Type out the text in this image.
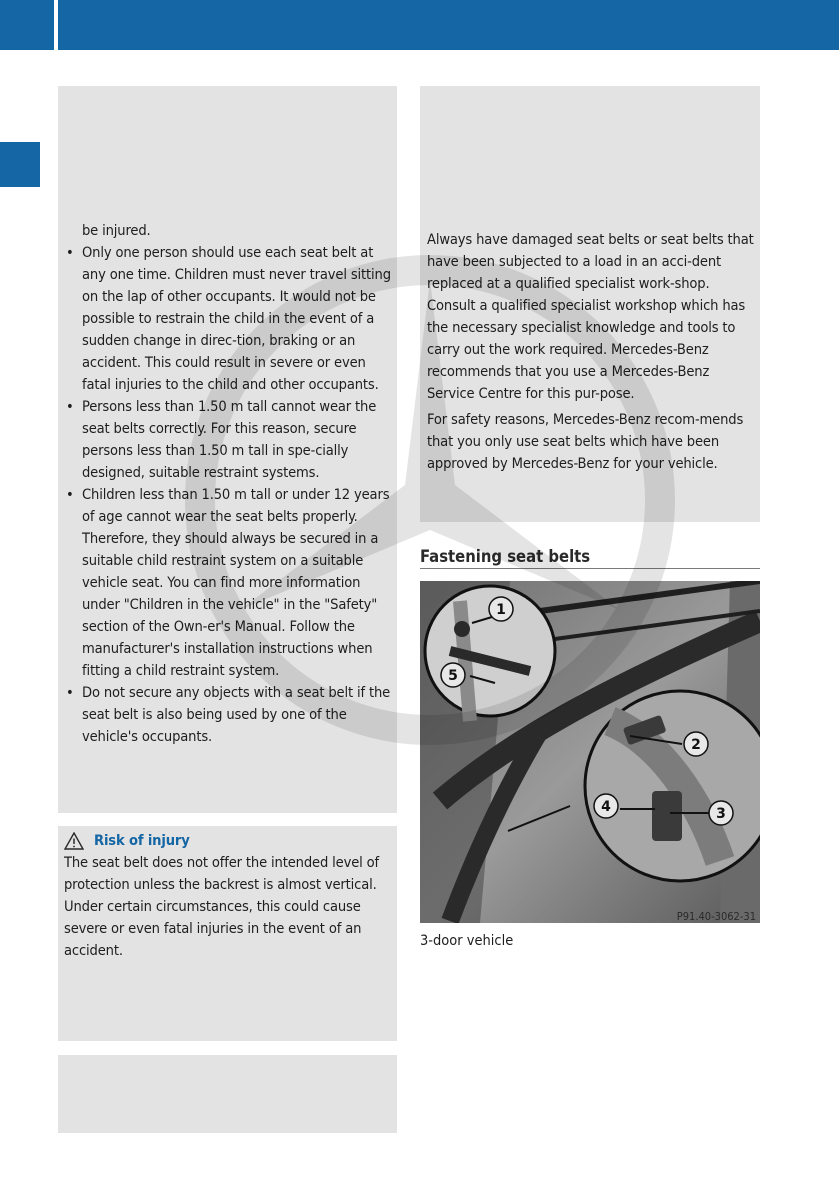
be injured.

• Only one person should use each seat belt at any one time. Children must never travel sitting on the lap of other occupants. It would not be possible to restrain the child in the event of a sudden change in direc-tion, braking or an accident. This could result in severe or even fatal injuries to the child and other occupants.

• Persons less than 1.50 m tall cannot wear the seat belts correctly. For this reason, secure persons less than 1.50 m tall in spe-cially designed, suitable restraint systems.

• Children less than 1.50 m tall or under 12 years of age cannot wear the seat belts properly. Therefore, they should always be secured in a suitable child restraint system on a suitable vehicle seat. You can find more information under "Children in the vehicle" in the "Safety" section of the Own-er's Manual. Follow the manufacturer's installation instructions when fitting a child restraint system.

• Do not secure any objects with a seat belt if the seat belt is also being used by one of the vehicle's occupants.

Risk of injury

The seat belt does not offer the intended level of protection unless the backrest is almost vertical. Under certain circumstances, this could cause severe or even fatal injuries in the event of an accident.

Always have damaged seat belts or seat belts that have been subjected to a load in an acci-dent replaced at a qualified specialist work-shop. Consult a qualified specialist workshop which has the necessary specialist knowledge and tools to carry out the work required. Mercedes-Benz recommends that you use a Mercedes-Benz Service Centre for this pur-pose.

For safety reasons, Mercedes-Benz recom-mends that you only use seat belts which have been approved by Mercedes-Benz for your vehicle.

Fastening seat belts
1
5
2
4	3
P91.40-3062-31
3-door vehicle
